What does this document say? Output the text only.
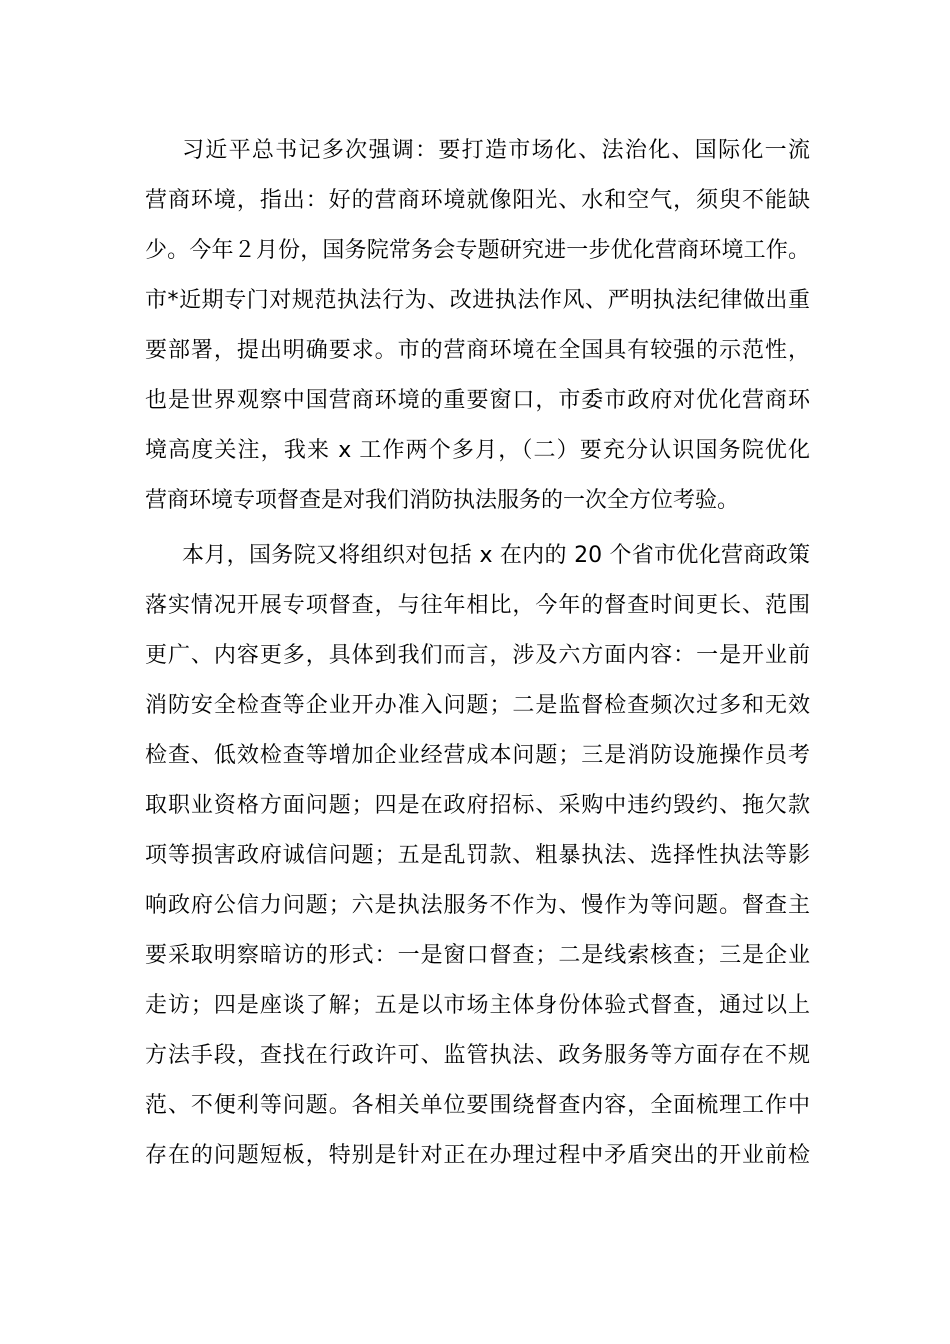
习近平总书记多次强调：要打造市场化、法治化、国际化一流
营商环境，指出：好的营商环境就像阳光、水和空气，须臾不能缺
少。今年２月份，国务院常务会专题研究进一步优化营商环境工作。
市*近期专门对规范执法行为、改进执法作风、严明执法纪律做出重
要部署，提出明确要求。市的营商环境在全国具有较强的示范性，
也是世界观察中国营商环境的重要窗口，市委市政府对优化营商环
境高度关注，我来 x 工作两个多月，（二）要充分认识国务院优化
营商环境专项督查是对我们消防执法服务的一次全方位考验。
本月，国务院又将组织对包括 x 在内的 20 个省市优化营商政策
落实情况开展专项督查，与往年相比，今年的督查时间更长、范围
更广、内容更多，具体到我们而言，涉及六方面内容：一是开业前
消防安全检查等企业开办准入问题；二是监督检查频次过多和无效
检查、低效检查等增加企业经营成本问题；三是消防设施操作员考
取职业资格方面问题；四是在政府招标、采购中违约毁约、拖欠款
项等损害政府诚信问题；五是乱罚款、粗暴执法、选择性执法等影
响政府公信力问题；六是执法服务不作为、慢作为等问题。督查主
要采取明察暗访的形式：一是窗口督查；二是线索核查；三是企业
走访；四是座谈了解；五是以市场主体身份体验式督查，通过以上
方法手段，查找在行政许可、监管执法、政务服务等方面存在不规
范、不便利等问题。各相关单位要围绕督查内容，全面梳理工作中
存在的问题短板，特别是针对正在办理过程中矛盾突出的开业前检
